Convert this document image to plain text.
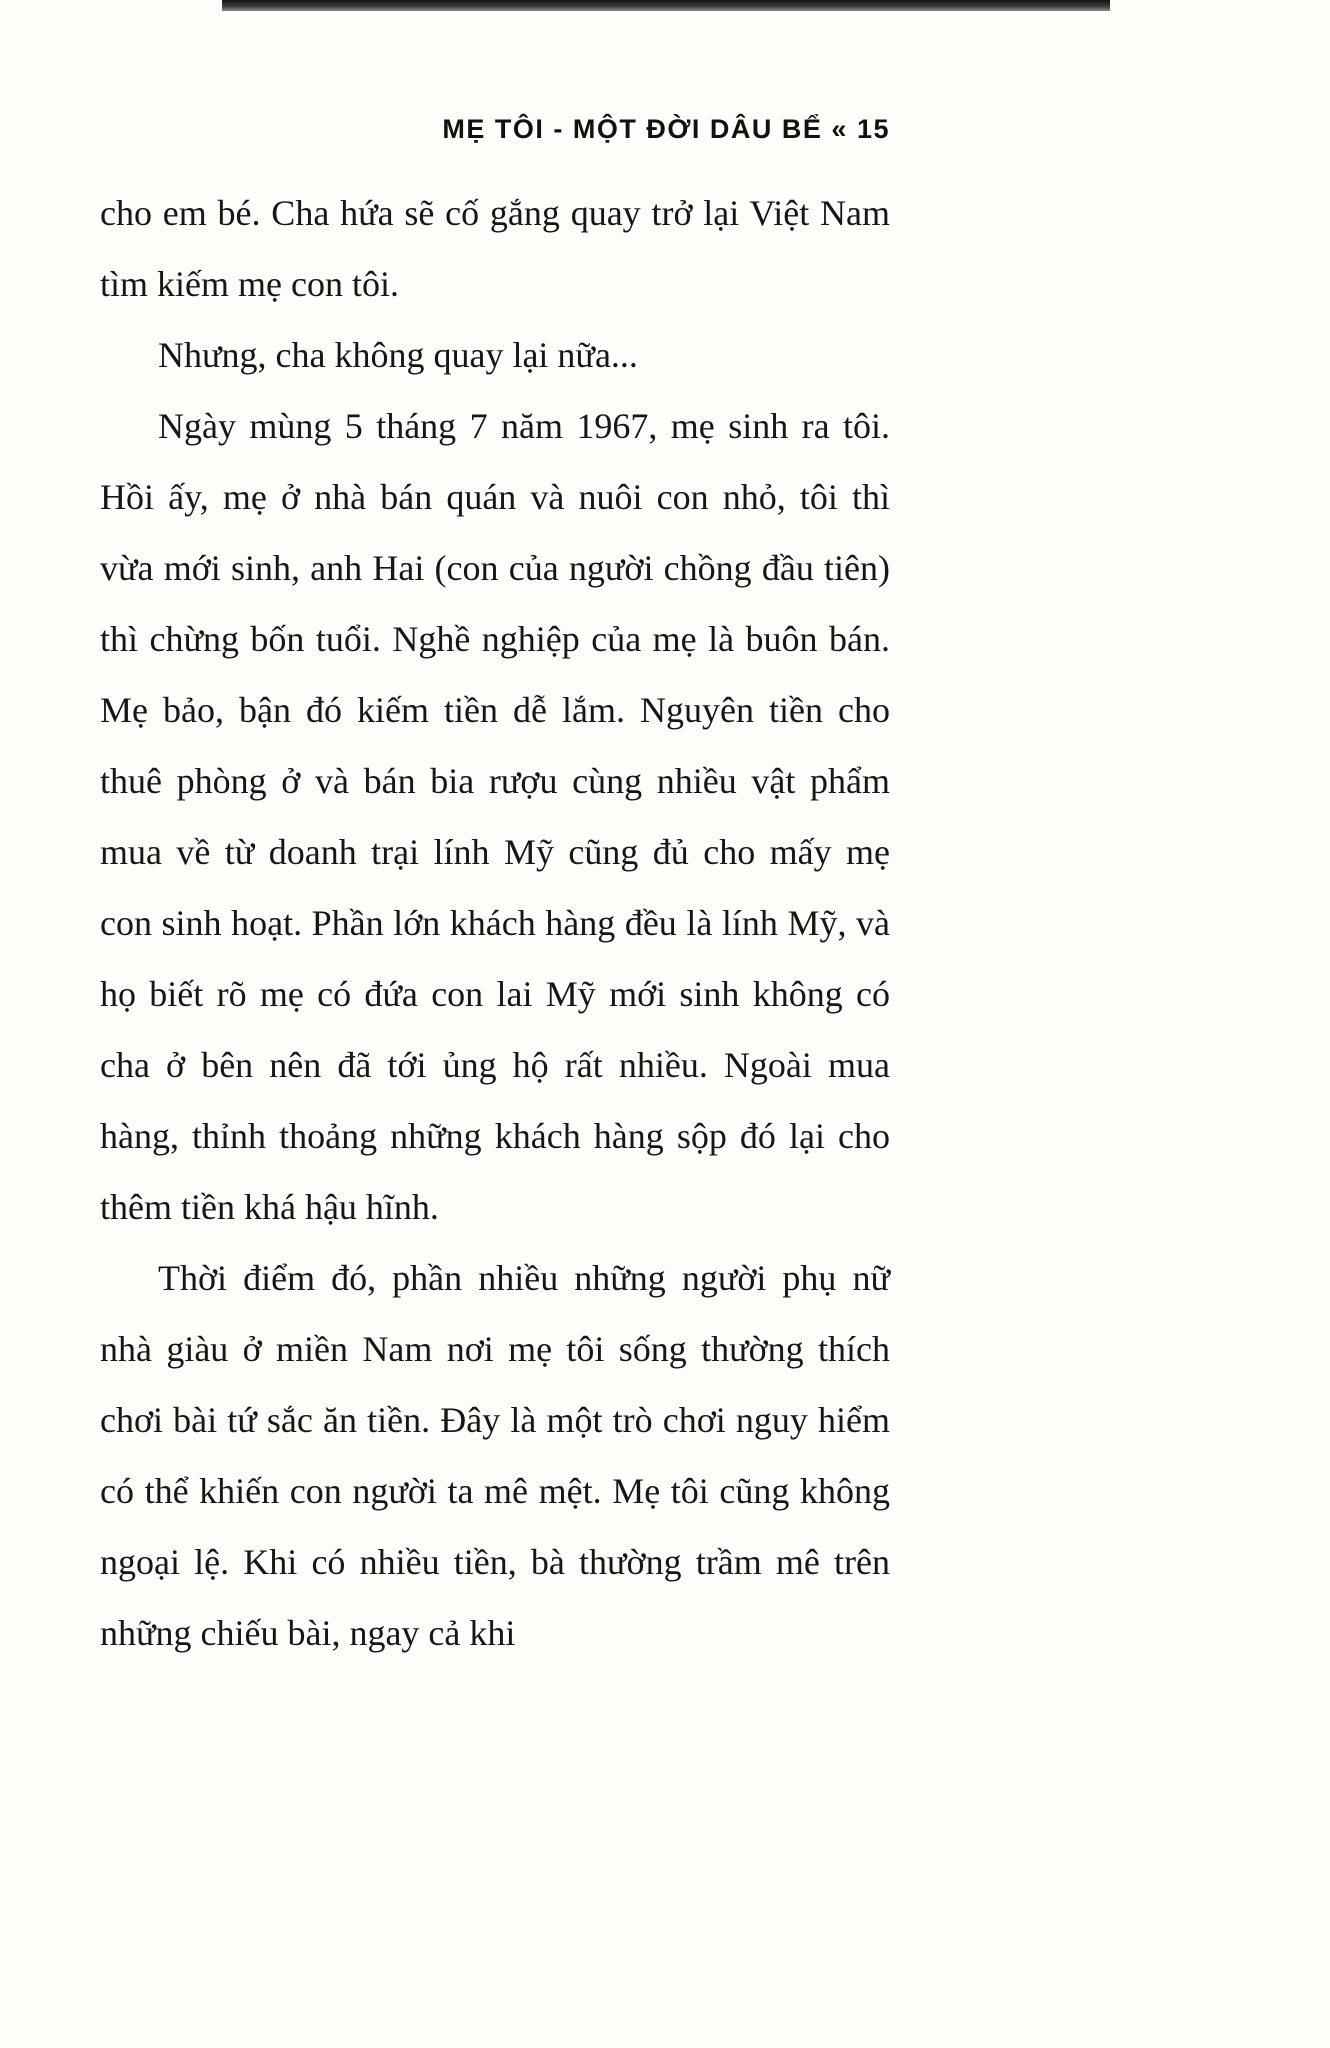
MẸ TÔI - MỘT ĐỜI DÂU BỂ « 15

cho em bé. Cha hứa sẽ cố gắng quay trở lại Việt Nam tìm kiếm mẹ con tôi.

Nhưng, cha không quay lại nữa...

Ngày mùng 5 tháng 7 năm 1967, mẹ sinh ra tôi. Hồi ấy, mẹ ở nhà bán quán và nuôi con nhỏ, tôi thì vừa mới sinh, anh Hai (con của người chồng đầu tiên) thì chừng bốn tuổi. Nghề nghiệp của mẹ là buôn bán. Mẹ bảo, bận đó kiếm tiền dễ lắm. Nguyên tiền cho thuê phòng ở và bán bia rượu cùng nhiều vật phẩm mua về từ doanh trại lính Mỹ cũng đủ cho mấy mẹ con sinh hoạt. Phần lớn khách hàng đều là lính Mỹ, và họ biết rõ mẹ có đứa con lai Mỹ mới sinh không có cha ở bên nên đã tới ủng hộ rất nhiều. Ngoài mua hàng, thỉnh thoảng những khách hàng sộp đó lại cho thêm tiền khá hậu hĩnh.

Thời điểm đó, phần nhiều những người phụ nữ nhà giàu ở miền Nam nơi mẹ tôi sống thường thích chơi bài tứ sắc ăn tiền. Đây là một trò chơi nguy hiểm có thể khiến con người ta mê mệt. Mẹ tôi cũng không ngoại lệ. Khi có nhiều tiền, bà thường trầm mê trên những chiếu bài, ngay cả khi
